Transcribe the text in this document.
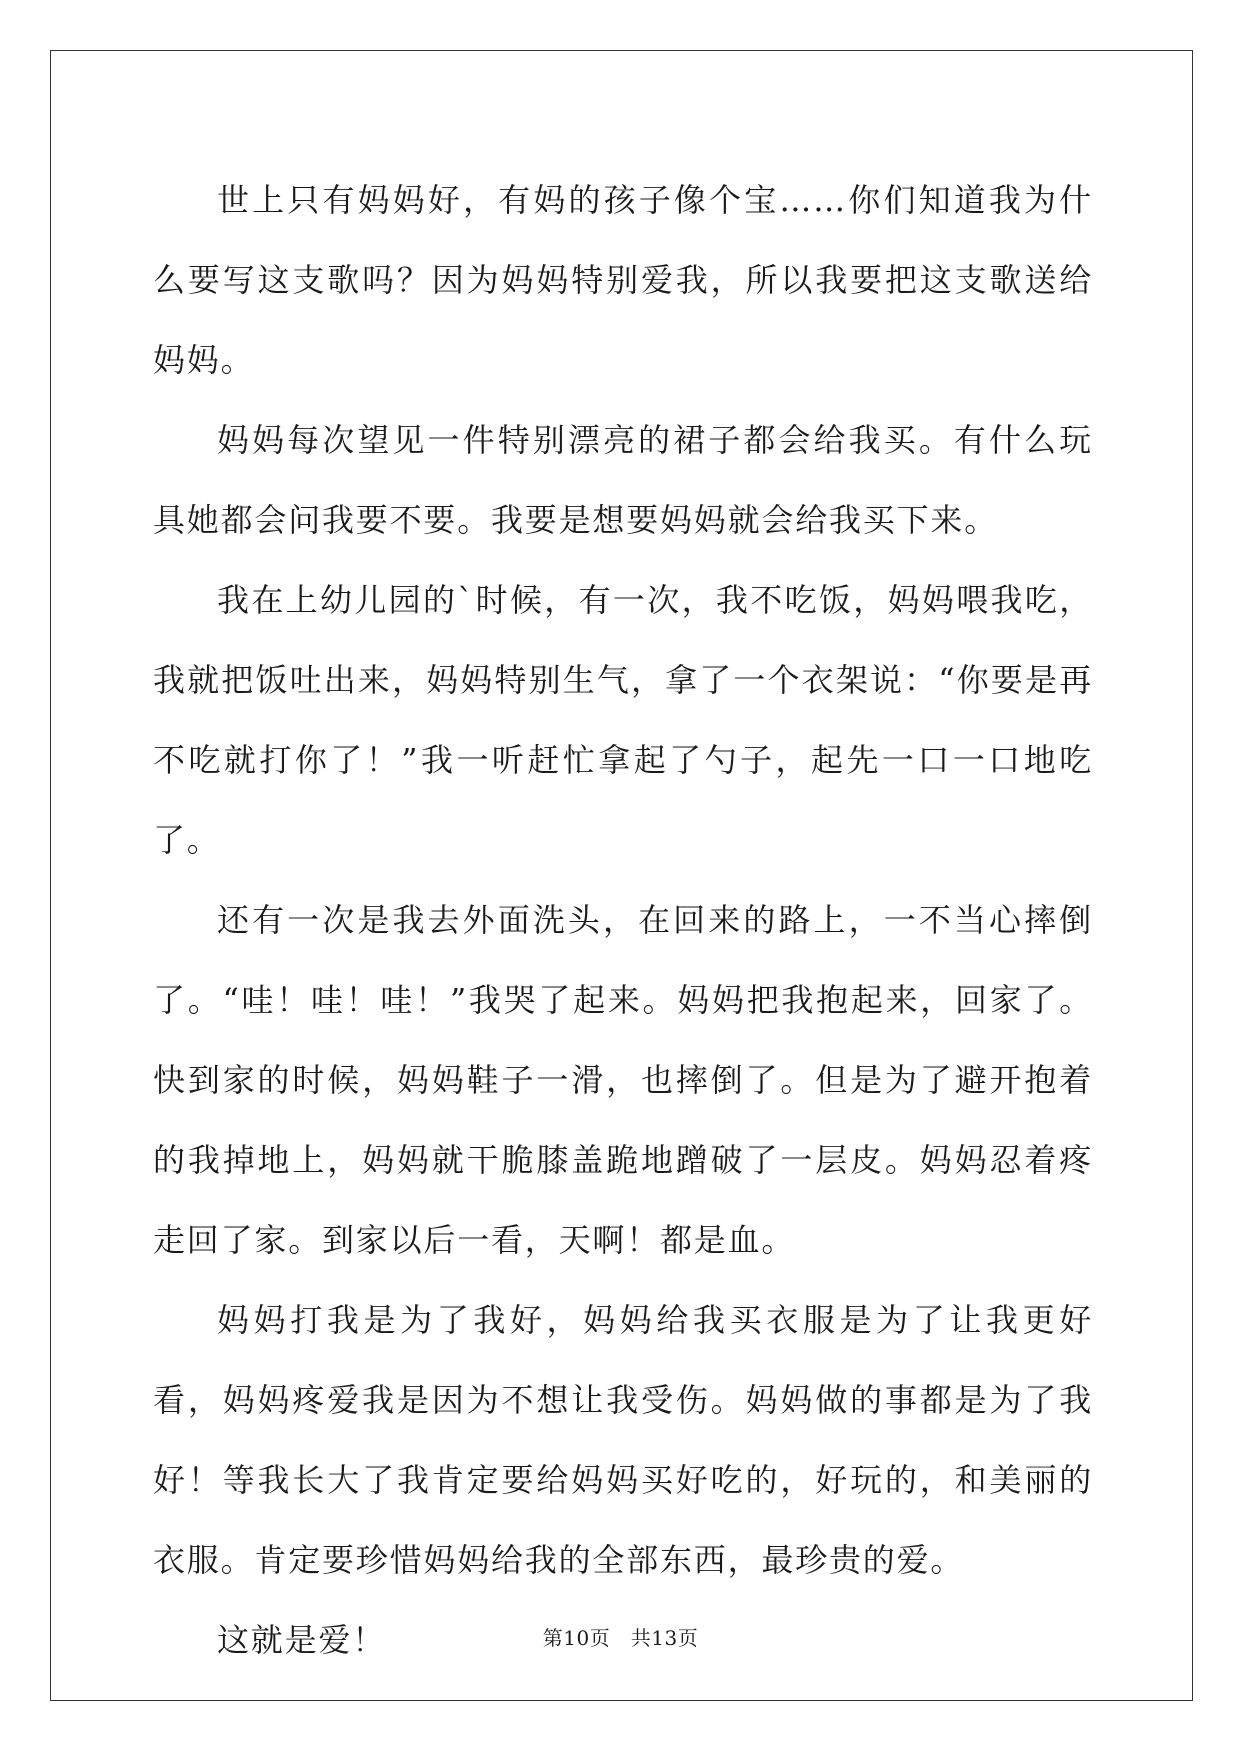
世上只有妈妈好，有妈的孩子像个宝……你们知道我为什么要写这支歌吗？因为妈妈特别爱我，所以我要把这支歌送给妈妈。

妈妈每次望见一件特别漂亮的裙子都会给我买。有什么玩具她都会问我要不要。我要是想要妈妈就会给我买下来。

我在上幼儿园的`时候，有一次，我不吃饭，妈妈喂我吃，我就把饭吐出来，妈妈特别生气，拿了一个衣架说：“你要是再不吃就打你了！”我一听赶忙拿起了勺子，起先一口一口地吃了。

还有一次是我去外面洗头，在回来的路上，一不当心摔倒了。“哇！哇！哇！”我哭了起来。妈妈把我抱起来，回家了。快到家的时候，妈妈鞋子一滑，也摔倒了。但是为了避开抱着的我掉地上，妈妈就干脆膝盖跪地蹭破了一层皮。妈妈忍着疼走回了家。到家以后一看，天啊！都是血。

妈妈打我是为了我好，妈妈给我买衣服是为了让我更好看，妈妈疼爱我是因为不想让我受伤。妈妈做的事都是为了我好！等我长大了我肯定要给妈妈买好吃的，好玩的，和美丽的衣服。肯定要珍惜妈妈给我的全部东西，最珍贵的爱。

这就是爱！	第10页　共13页
